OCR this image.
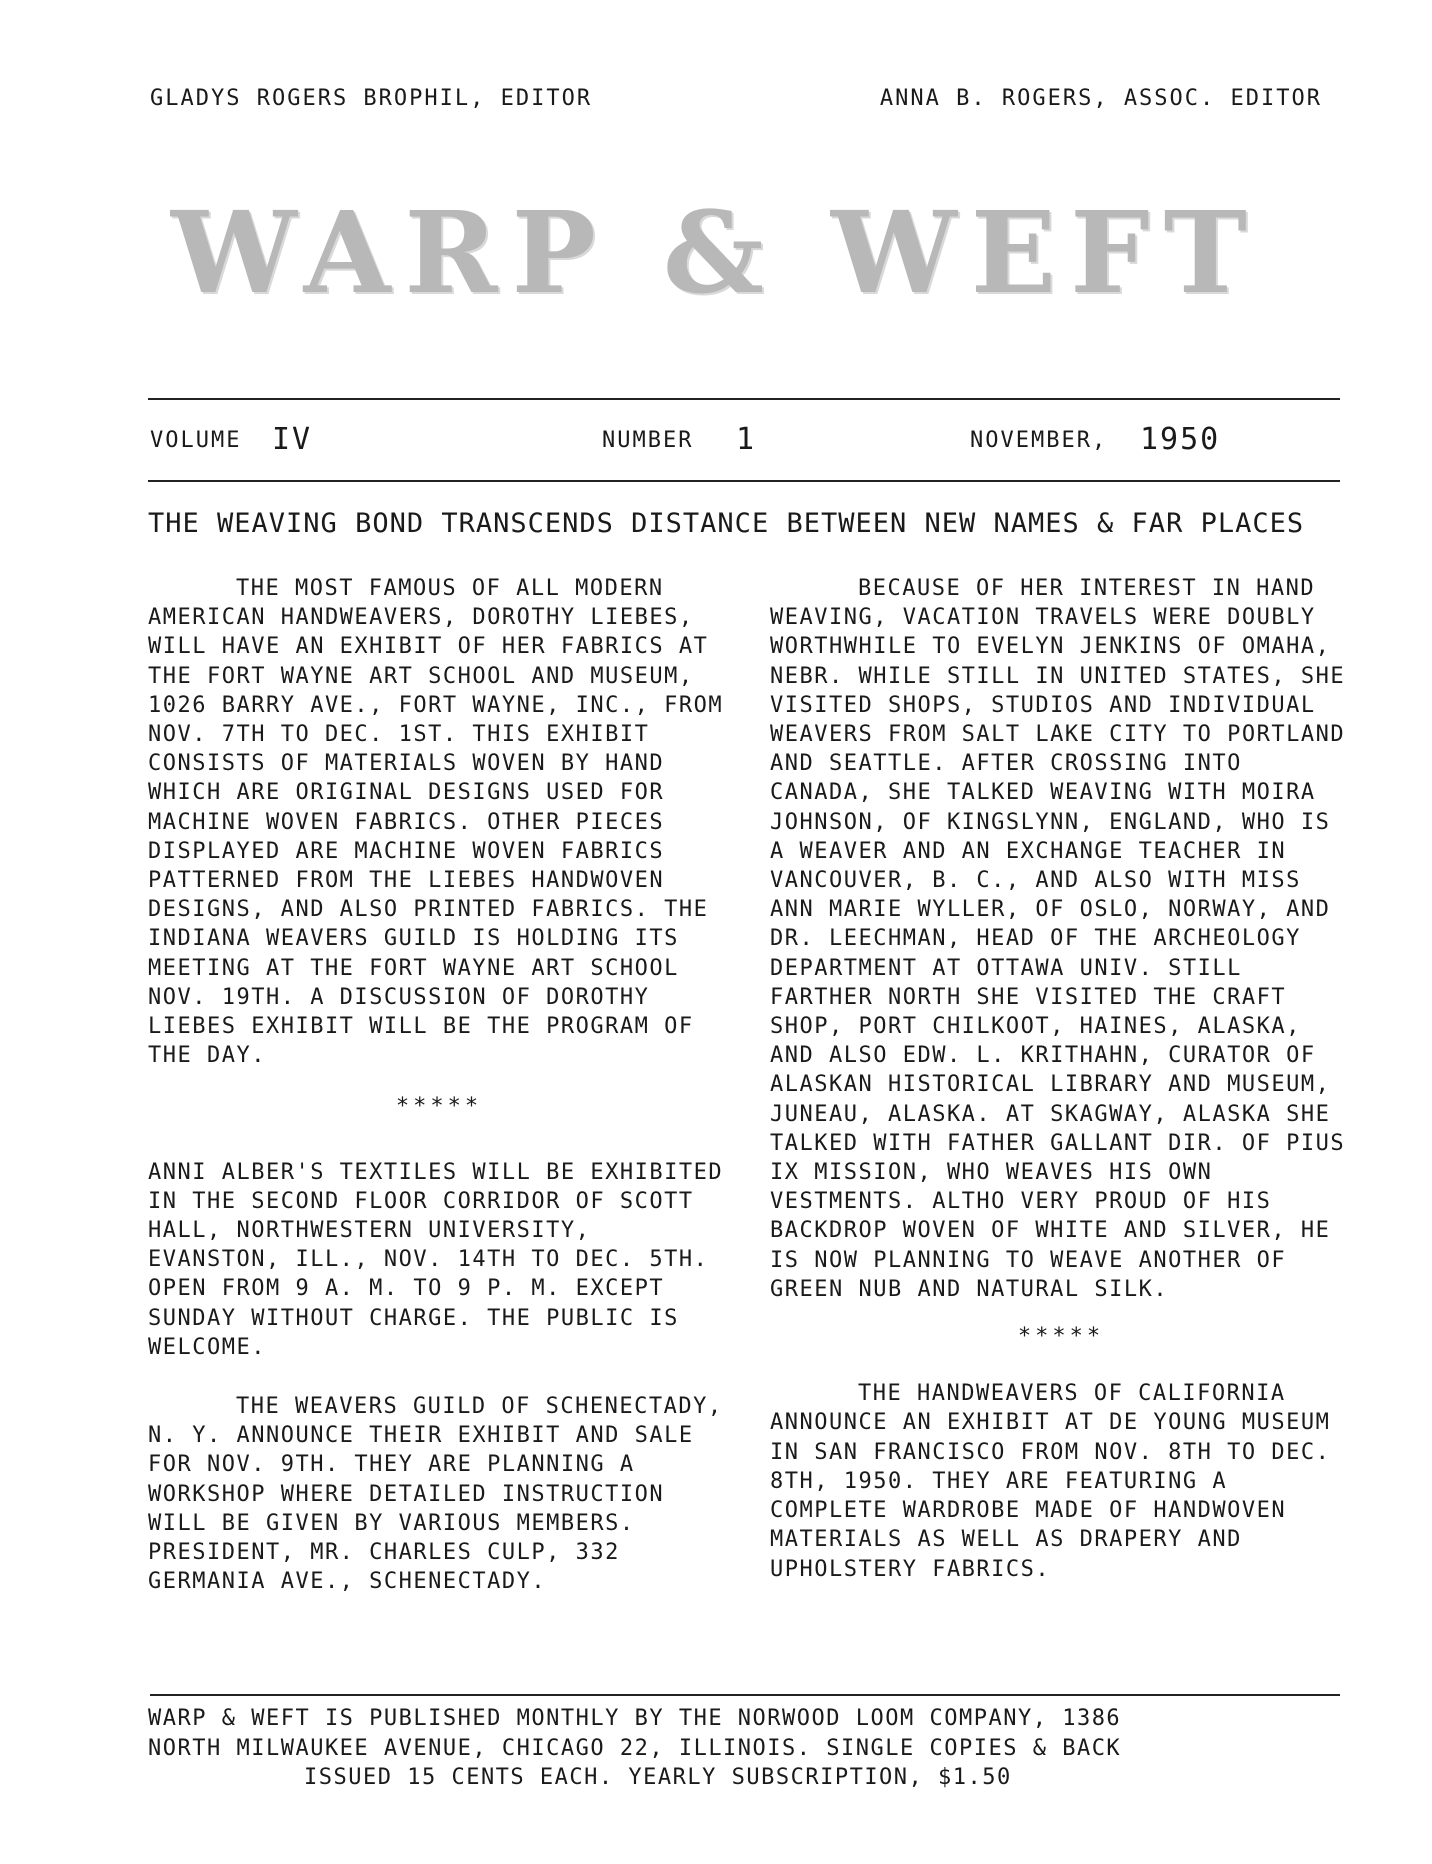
GLADYS ROGERS BROPHIL, EDITOR	ANNA B. ROGERS, ASSOC. EDITOR
WARP & WEFT
VOLUME IV	NUMBER 1	NOVEMBER, 1950
THE WEAVING BOND TRANSCENDS DISTANCE BETWEEN NEW NAMES & FAR PLACES

THE MOST FAMOUS OF ALL MODERN AMERICAN HANDWEAVERS, DOROTHY LIEBES, WILL HAVE AN EXHIBIT OF HER FABRICS AT THE FORT WAYNE ART SCHOOL AND MUSEUM, 1026 BARRY AVE., FORT WAYNE, INC., FROM NOV. 7TH TO DEC. 1ST. THIS EXHIBIT CONSISTS OF MATERIALS WOVEN BY HAND WHICH ARE ORIGINAL DESIGNS USED FOR MACHINE WOVEN FABRICS. OTHER PIECES DISPLAYED ARE MACHINE WOVEN FABRICS PATTERNED FROM THE LIEBES HANDWOVEN DESIGNS, AND ALSO PRINTED FABRICS. THE INDIANA WEAVERS GUILD IS HOLDING ITS MEETING AT THE FORT WAYNE ART SCHOOL NOV. 19TH. A DISCUSSION OF DOROTHY LIEBES EXHIBIT WILL BE THE PROGRAM OF THE DAY.

*****

ANNI ALBER'S TEXTILES WILL BE EXHIBITED IN THE SECOND FLOOR CORRIDOR OF SCOTT HALL, NORTHWESTERN UNIVERSITY, EVANSTON, ILL., NOV. 14TH TO DEC. 5TH. OPEN FROM 9 A. M. TO 9 P. M. EXCEPT SUNDAY WITHOUT CHARGE. THE PUBLIC IS WELCOME.

THE WEAVERS GUILD OF SCHENECTADY, N. Y. ANNOUNCE THEIR EXHIBIT AND SALE FOR NOV. 9TH. THEY ARE PLANNING A WORKSHOP WHERE DETAILED INSTRUCTION WILL BE GIVEN BY VARIOUS MEMBERS. PRESIDENT, MR. CHARLES CULP, 332 GERMANIA AVE., SCHENECTADY.

BECAUSE OF HER INTEREST IN HAND WEAVING, VACATION TRAVELS WERE DOUBLY WORTHWHILE TO EVELYN JENKINS OF OMAHA, NEBR. WHILE STILL IN UNITED STATES, SHE VISITED SHOPS, STUDIOS AND INDIVIDUAL WEAVERS FROM SALT LAKE CITY TO PORTLAND AND SEATTLE. AFTER CROSSING INTO CANADA, SHE TALKED WEAVING WITH MOIRA JOHNSON, OF KINGSLYNN, ENGLAND, WHO IS A WEAVER AND AN EXCHANGE TEACHER IN VANCOUVER, B. C., AND ALSO WITH MISS ANN MARIE WYLLER, OF OSLO, NORWAY, AND DR. LEECHMAN, HEAD OF THE ARCHEOLOGY DEPARTMENT AT OTTAWA UNIV. STILL FARTHER NORTH SHE VISITED THE CRAFT SHOP, PORT CHILKOOT, HAINES, ALASKA, AND ALSO EDW. L. KRITHAHN, CURATOR OF ALASKAN HISTORICAL LIBRARY AND MUSEUM, JUNEAU, ALASKA. AT SKAGWAY, ALASKA SHE TALKED WITH FATHER GALLANT DIR. OF PIUS IX MISSION, WHO WEAVES HIS OWN VESTMENTS. ALTHO VERY PROUD OF HIS BACKDROP WOVEN OF WHITE AND SILVER, HE IS NOW PLANNING TO WEAVE ANOTHER OF GREEN NUB AND NATURAL SILK.

*****

THE HANDWEAVERS OF CALIFORNIA ANNOUNCE AN EXHIBIT AT DE YOUNG MUSEUM IN SAN FRANCISCO FROM NOV. 8TH TO DEC. 8TH, 1950. THEY ARE FEATURING A COMPLETE WARDROBE MADE OF HANDWOVEN MATERIALS AS WELL AS DRAPERY AND UPHOLSTERY FABRICS.

WARP & WEFT IS PUBLISHED MONTHLY BY THE NORWOOD LOOM COMPANY, 1386
NORTH MILWAUKEE AVENUE, CHICAGO 22, ILLINOIS. SINGLE COPIES & BACK
ISSUED 15 CENTS EACH. YEARLY SUBSCRIPTION, $1.50
